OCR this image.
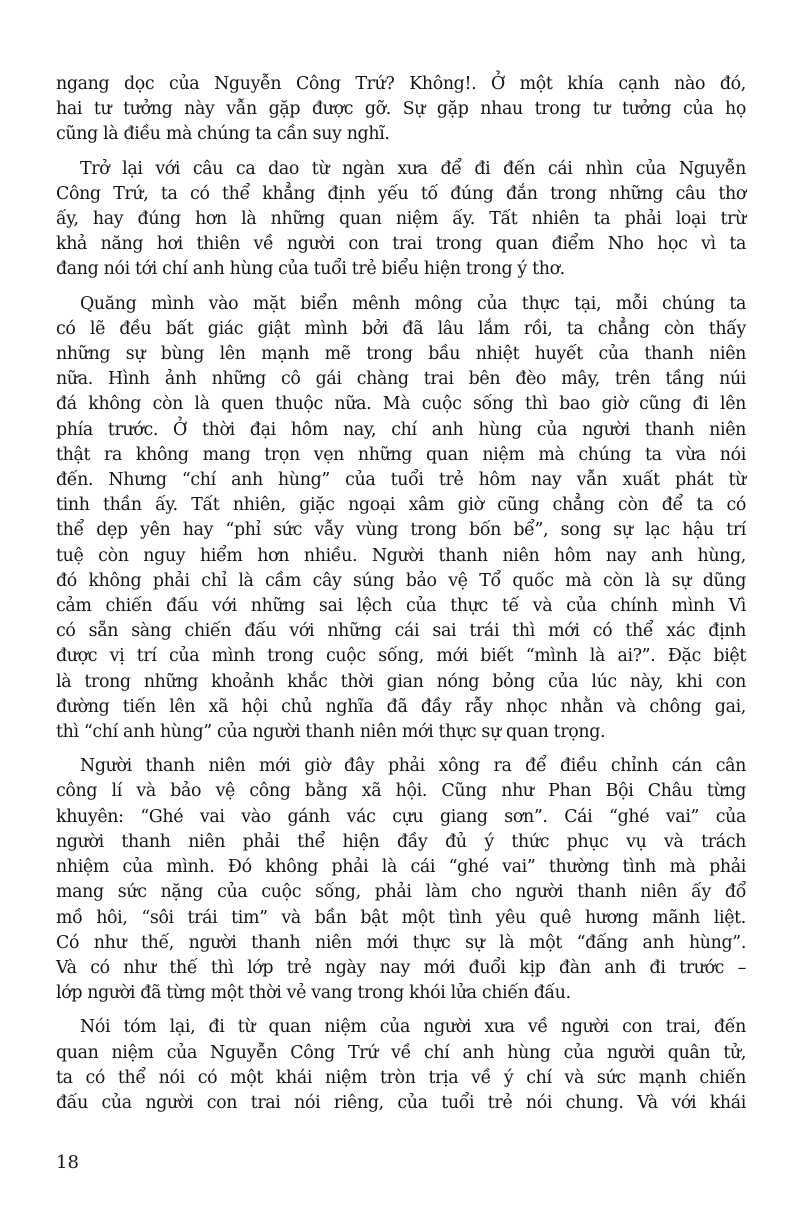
ngang dọc của Nguyễn Công Trứ? Không!. Ở một khía cạnh nào đó,
hai tư tưởng này vẫn gặp được gỡ. Sự gặp nhau trong tư tưởng của họ
cũng là điều mà chúng ta cần suy nghĩ.

Trở lại với câu ca dao từ ngàn xưa để đi đến cái nhìn của Nguyễn
Công Trứ, ta có thể khẳng định yếu tố đúng đắn trong những câu thơ
ấy, hay đúng hơn là những quan niệm ấy. Tất nhiên ta phải loại trừ
khả năng hơi thiên về người con trai trong quan điểm Nho học vì ta
đang nói tới chí anh hùng của tuổi trẻ biểu hiện trong ý thơ.

Quăng mình vào mặt biển mênh mông của thực tại, mỗi chúng ta
có lẽ đều bất giác giật mình bởi đã lâu lắm rồi, ta chẳng còn thấy
những sự bùng lên mạnh mẽ trong bầu nhiệt huyết của thanh niên
nữa. Hình ảnh những cô gái chàng trai bên đèo mây, trên tầng núi
đá không còn là quen thuộc nữa. Mà cuộc sống thì bao giờ cũng đi lên
phía trước. Ở thời đại hôm nay, chí anh hùng của người thanh niên
thật ra không mang trọn vẹn những quan niệm mà chúng ta vừa nói
đến. Nhưng “chí anh hùng” của tuổi trẻ hôm nay vẫn xuất phát từ
tinh thần ấy. Tất nhiên, giặc ngoại xâm giờ cũng chẳng còn để ta có
thể dẹp yên hay “phỉ sức vẫy vùng trong bốn bể”, song sự lạc hậu trí
tuệ còn nguy hiểm hơn nhiều. Người thanh niên hôm nay anh hùng,
đó không phải chỉ là cầm cây súng bảo vệ Tổ quốc mà còn là sự dũng
cảm chiến đấu với những sai lệch của thực tế và của chính mình Vì
có sẵn sàng chiến đấu với những cái sai trái thì mới có thể xác định
được vị trí của mình trong cuộc sống, mới biết “mình là ai?”. Đặc biệt
là trong những khoảnh khắc thời gian nóng bỏng của lúc này, khi con
đường tiến lên xã hội chủ nghĩa đã đầy rẫy nhọc nhằn và chông gai,
thì “chí anh hùng” của người thanh niên mới thực sự quan trọng.

Người thanh niên mới giờ đây phải xông ra để điều chỉnh cán cân
công lí và bảo vệ công bằng xã hội. Cũng như Phan Bội Châu từng
khuyên: “Ghé vai vào gánh vác cựu giang sơn”. Cái “ghé vai” của
người thanh niên phải thể hiện đầy đủ ý thức phục vụ và trách
nhiệm của mình. Đó không phải là cái “ghé vai” thường tình mà phải
mang sức nặng của cuộc sống, phải làm cho người thanh niên ấy đổ
mồ hôi, “sôi trái tim” và bần bật một tình yêu quê hương mãnh liệt.
Có như thế, người thanh niên mới thực sự là một “đấng anh hùng”.
Và có như thế thì lớp trẻ ngày nay mới đuổi kịp đàn anh đi trước –
lớp người đã từng một thời vẻ vang trong khói lửa chiến đấu.

Nói tóm lại, đi từ quan niệm của người xưa về người con trai, đến
quan niệm của Nguyễn Công Trứ về chí anh hùng của người quân tử,
ta có thể nói có một khái niệm tròn trịa về ý chí và sức mạnh chiến
đấu của người con trai nói riêng, của tuổi trẻ nói chung. Và với khái

18
